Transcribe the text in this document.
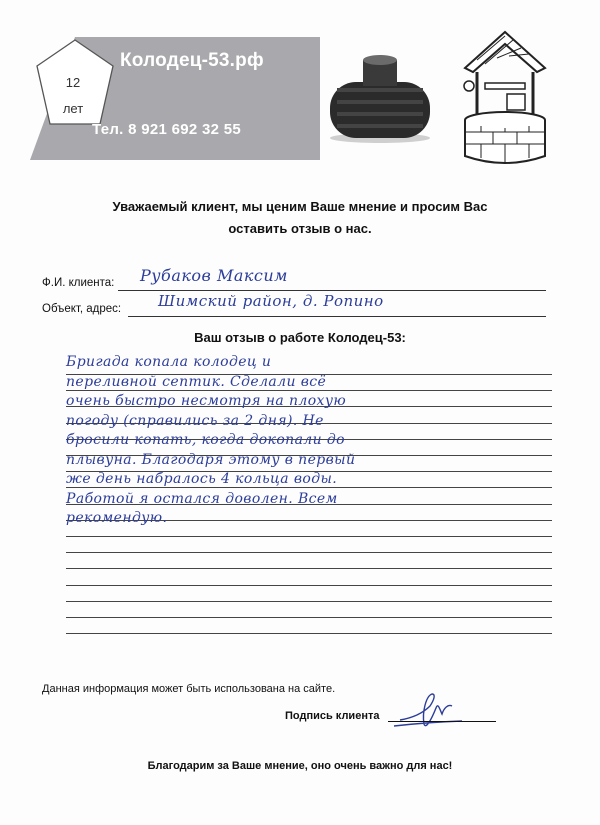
12
лет
Колодец-53.рф
Тел. 8 921 692 32 55
Уважаемый клиент, мы ценим Ваше мнение и просим Вас
оставить отзыв о нас.
Ф.И. клиента: Рубаков Максим
Объект, адрес: Шимский район, д. Ропино
Ваш отзыв о работе Колодец-53:
Бригада копала колодец и
переливной септик. Сделали всё
очень быстро несмотря на плохую
погоду (справились за 2 дня). Не
бросили копать, когда докопали до
плывуна. Благодаря этому в первый
же день набралось 4 кольца воды.
Работой я остался доволен. Всем
рекомендую.
Данная информация может быть использована на сайте.
Подпись клиента
Благодарим за Ваше мнение, оно очень важно для нас!
